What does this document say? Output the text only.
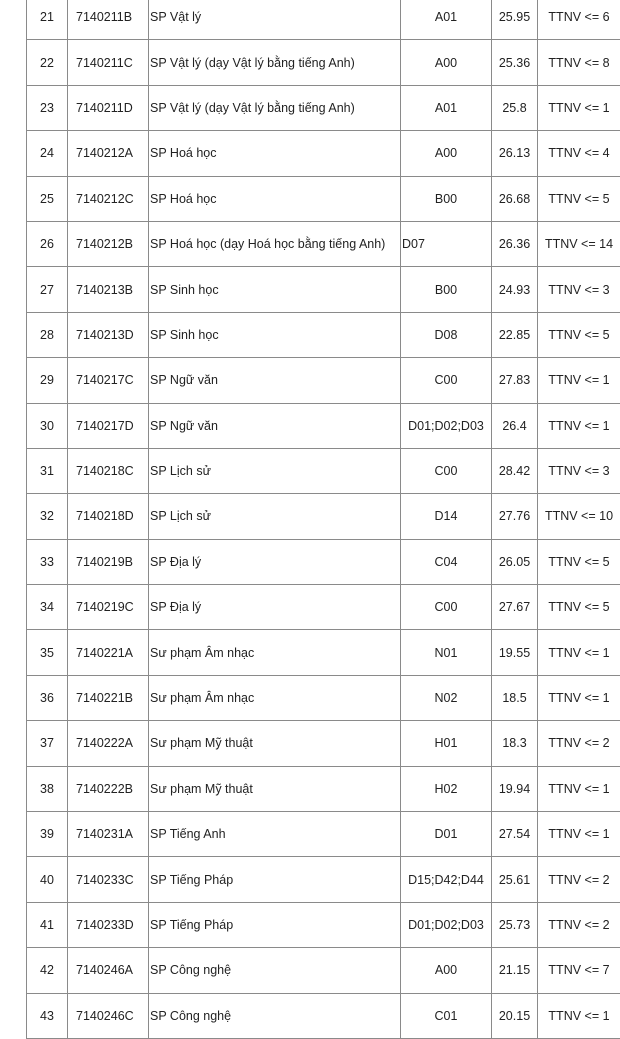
21	7140211B	SP Vật lý	A01	25.95	TTNV <= 6
22	7140211C	SP Vật lý (dạy Vật lý bằng tiếng Anh)	A00	25.36	TTNV <= 8
23	7140211D	SP Vật lý (dạy Vật lý bằng tiếng Anh)	A01	25.8	TTNV <= 1
24	7140212A	SP Hoá học	A00	26.13	TTNV <= 4
25	7140212C	SP Hoá học	B00	26.68	TTNV <= 5
26	7140212B	SP Hoá học (dạy Hoá học bằng tiếng Anh)	D07	26.36	TTNV <= 14
27	7140213B	SP Sinh học	B00	24.93	TTNV <= 3
28	7140213D	SP Sinh học	D08	22.85	TTNV <= 5
29	7140217C	SP Ngữ văn	C00	27.83	TTNV <= 1
30	7140217D	SP Ngữ văn	D01;D02;D03	26.4	TTNV <= 1
31	7140218C	SP Lịch sử	C00	28.42	TTNV <= 3
32	7140218D	SP Lịch sử	D14	27.76	TTNV <= 10
33	7140219B	SP Địa lý	C04	26.05	TTNV <= 5
34	7140219C	SP Địa lý	C00	27.67	TTNV <= 5
35	7140221A	Sư phạm Âm nhạc	N01	19.55	TTNV <= 1
36	7140221B	Sư phạm Âm nhạc	N02	18.5	TTNV <= 1
37	7140222A	Sư phạm Mỹ thuật	H01	18.3	TTNV <= 2
38	7140222B	Sư phạm Mỹ thuật	H02	19.94	TTNV <= 1
39	7140231A	SP Tiếng Anh	D01	27.54	TTNV <= 1
40	7140233C	SP Tiếng Pháp	D15;D42;D44	25.61	TTNV <= 2
41	7140233D	SP Tiếng Pháp	D01;D02;D03	25.73	TTNV <= 2
42	7140246A	SP Công nghệ	A00	21.15	TTNV <= 7
43	7140246C	SP Công nghệ	C01	20.15	TTNV <= 1
